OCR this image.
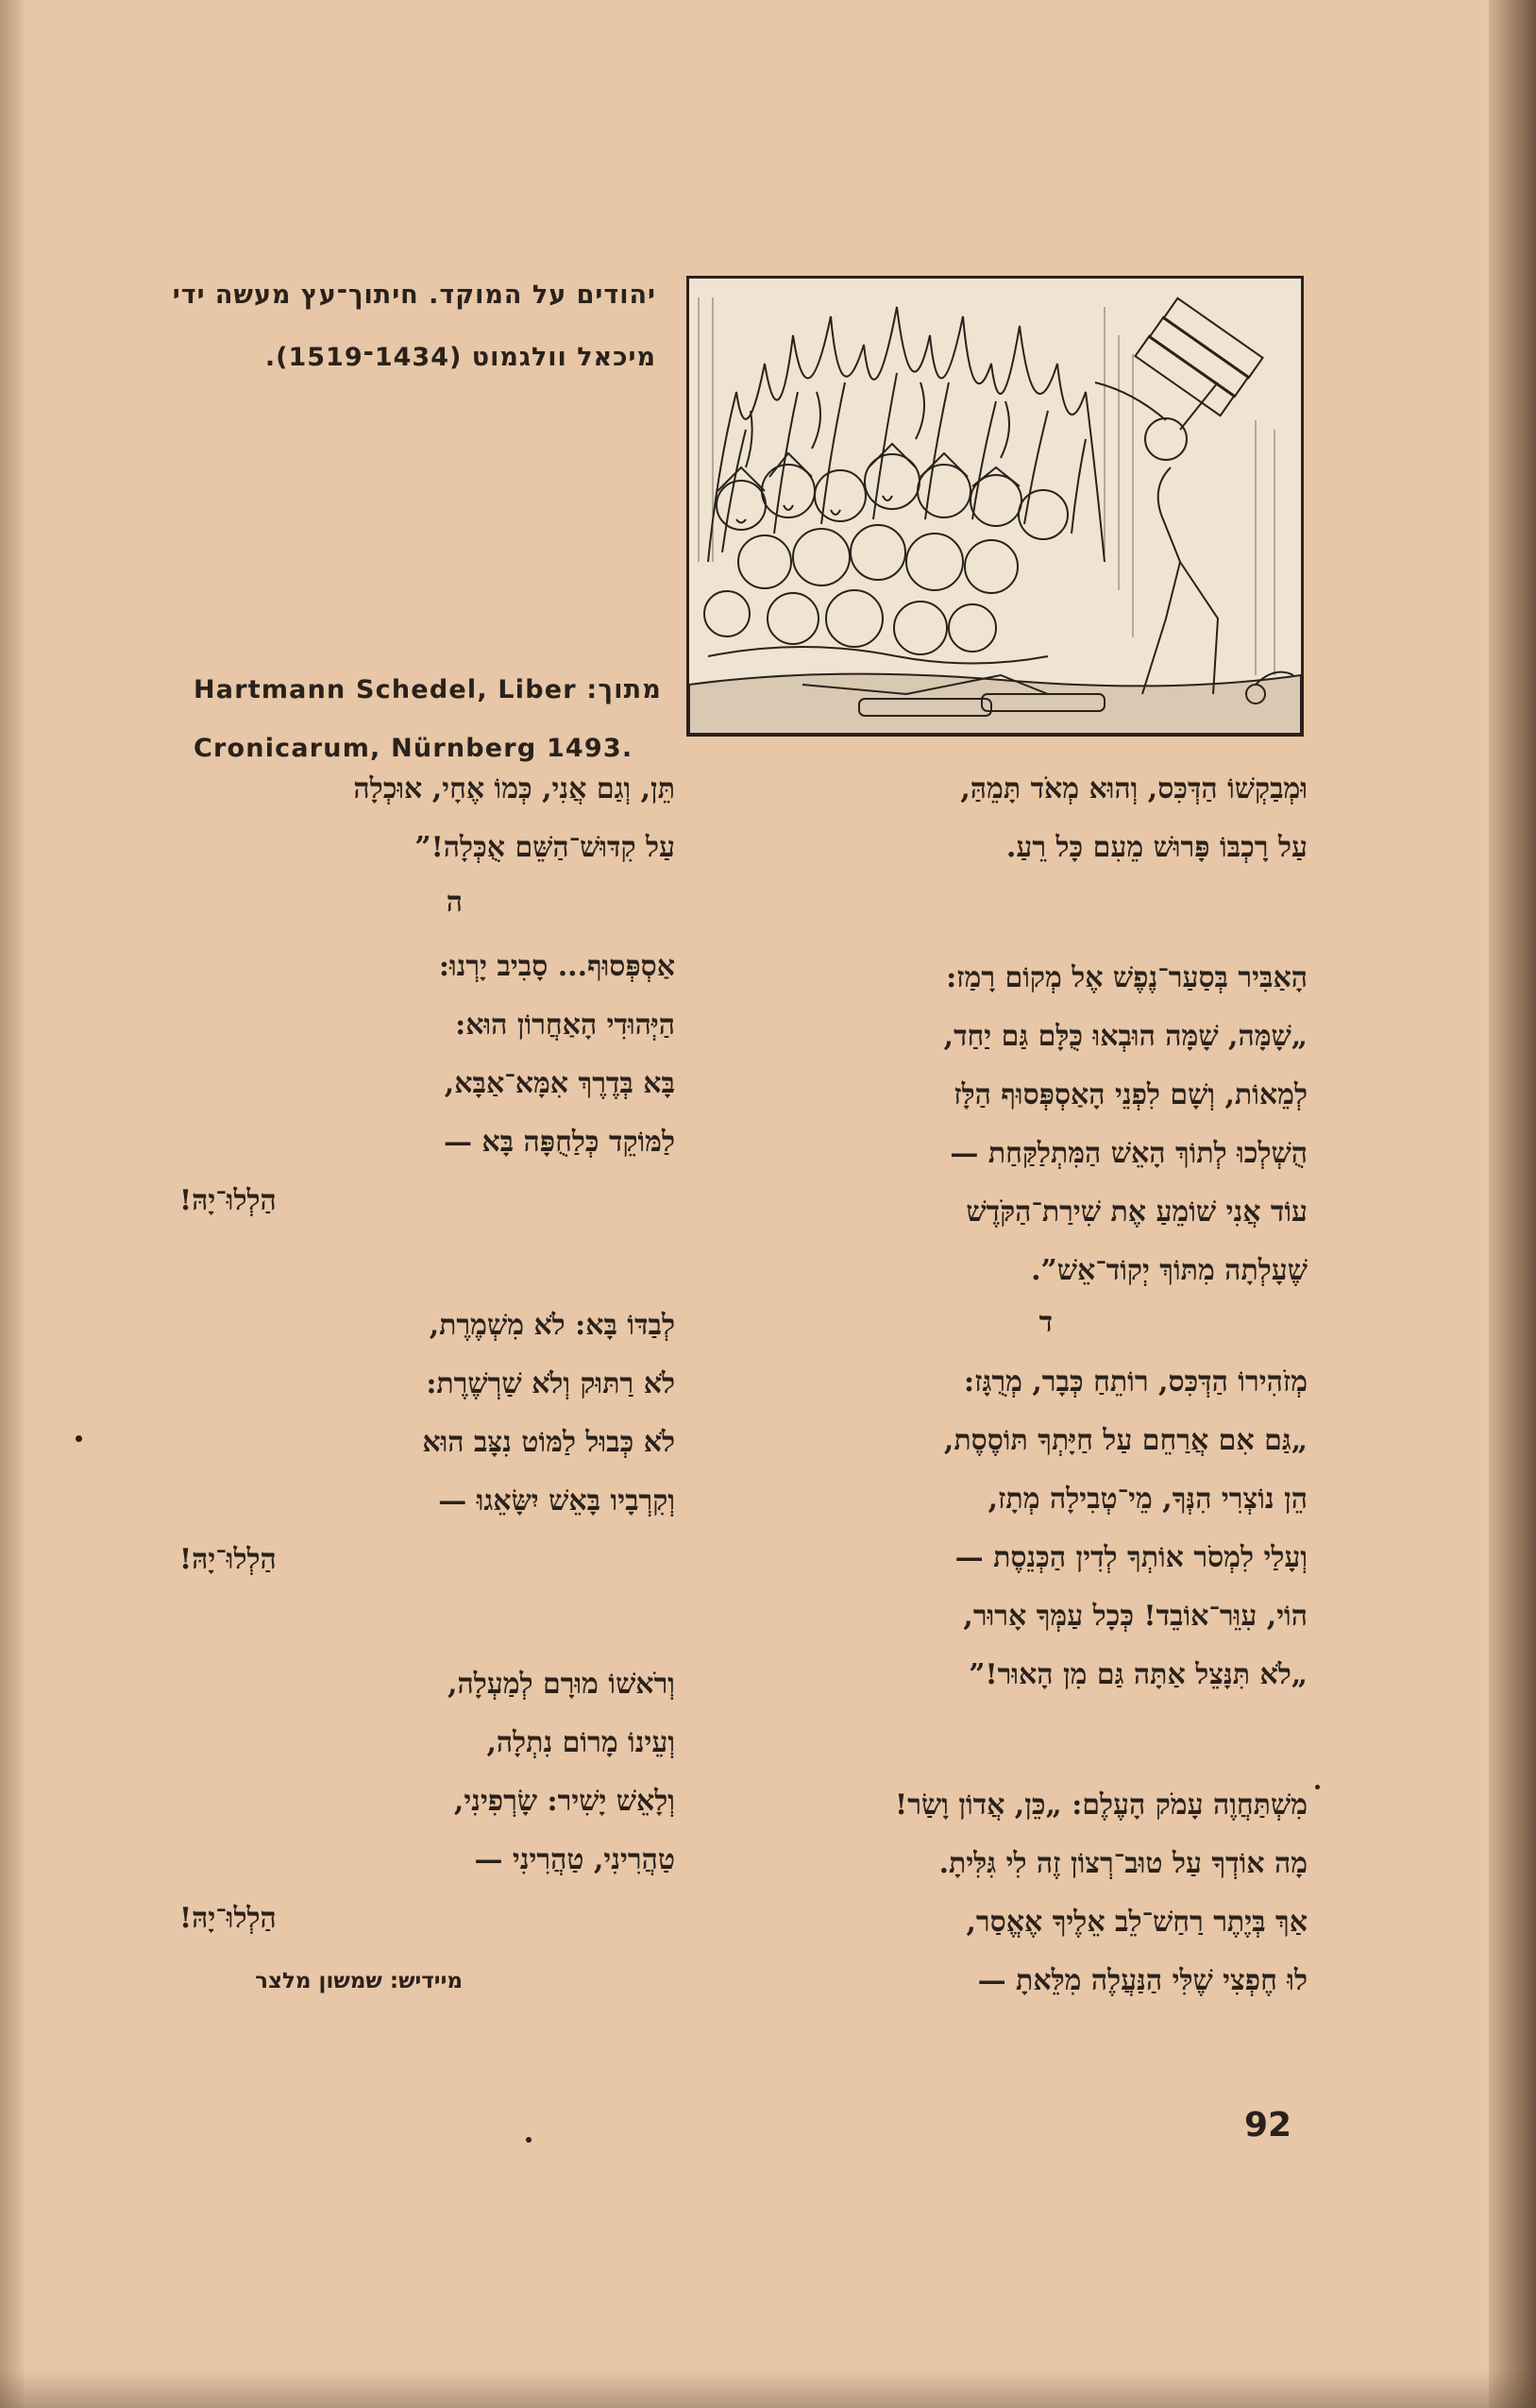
יהודים על המוקד. חיתוך־עץ מעשה ידי
מיכאל וולגמוט (1434־1519).
Hartmann Schedel, Liber מתוך:
Cronicarum, Nürnberg 1493.
וּמְבַקְשׁוֹ הַדְּכִּס, וְהוּא מְאֹד תָּמֵהַּ,
עַל רָכְבּוֹ פָּרוּשׁ מֵעִם כָּל רֵעַ.
הָאַבִּיר בְּסַעַר־נֶפֶשׁ אֶל מְקוֹם רָמַז:
„שָׁמָּה, שָׁמָּה הוּבְאוּ כֻּלָּם גַּם יַחַד,
לְמֵאוֹת, וְשָׁם לִפְנֵי הָאַסְפְּסוּף הַלָּז
הֻשְׁלְכוּ לְתוֹךְ הָאֵשׁ הַמִּתְלַקַּחַת —
עוֹד אֲנִי שׁוֹמֵעַ אֶת שִׁירַת־הַקֹּדֶשׁ
שֶׁעָלְתָה מִתּוֹךְ יְקוֹד־אֵשׁ”.
ד
מְזֹהִירוֹ הַדְּכִּס, רוֹתֵחַ כְּבָר, מְרֻגָּז:
„גַּם אִם אֲרַחֵם עַל חַיָּתְךָ תּוֹסֶסֶת,
הֵן נוֹצְרִי הִנְּךָ, מֵי־טְבִילָה מְתָז,
וְעָלַי לִמְסֹר אוֹתְךָ לְדִין הַכְּנֵסֶת —
הוֹי, עִוֵּר־אוֹבֵד! כְּכָל עַמְּךָ אָרוּר,
„לֹא תִּנָּצֵל אַתָּה גַּם מִן הָאוּר!”
מִשְׁתַּחֲוֶה עָמֹק הָעֶלֶם: „כֵּן, אֲדוֹן וָשַׂר!
מָה אוֹדְךָ עַל טוּב־רְצוֹן זֶה לִי גִּלִּיתָ.
אַךְ בְּיֶתֶר רַחַשׁ־לֵב אֵלֶיךָ אֶאֱסַר,
לוּ חֶפְצִי שֶׁלִּי הַנַּעֲלֶה מִלֵּאתָ —
תֵּן, וְגַם אֲנִי, כְּמוֹ אֶחָי, אוּכְלָה
עַל קִדּוּשׁ־הַשֵּׁם אֻכְּלָה!”
ה
אַסְפְּסוּף... סָבִיב יָרְנוּ:
הַיְּהוּדִי הָאַחֲרוֹן הוּא:
בָּא בְּדֶרֶךְ אִמָּא־אַבָּא,
לַמּוֹקֵד כְּלַחֻפָּה בָּא —
הַלְלוּ־יָהּ!
לְבַדּוֹ בָּא: לֹא מִשְׁמֶרֶת,
לֹא רַתּוּק וְלֹא שַׁרְשֶׁרֶת:
לֹא כְּבוּל לַמּוֹט נִצָּב הוּא
וְקִרְבָיו בָּאֵשׁ יִשָּׂאֵגוּ —
הַלְלוּ־יָהּ!
וְרֹאשׁוֹ מוּרָם לְמַעְלָה,
וְעֵינוֹ מָרוֹם נִתְלָה,
וְלָאֵשׁ יָשִׁיר: שָׂרְפִינִי,
טַהֲרִינִי, טַהֲרִינִי —
הַלְלוּ־יָהּ!
מיידיש: שמשון מלצר
92
